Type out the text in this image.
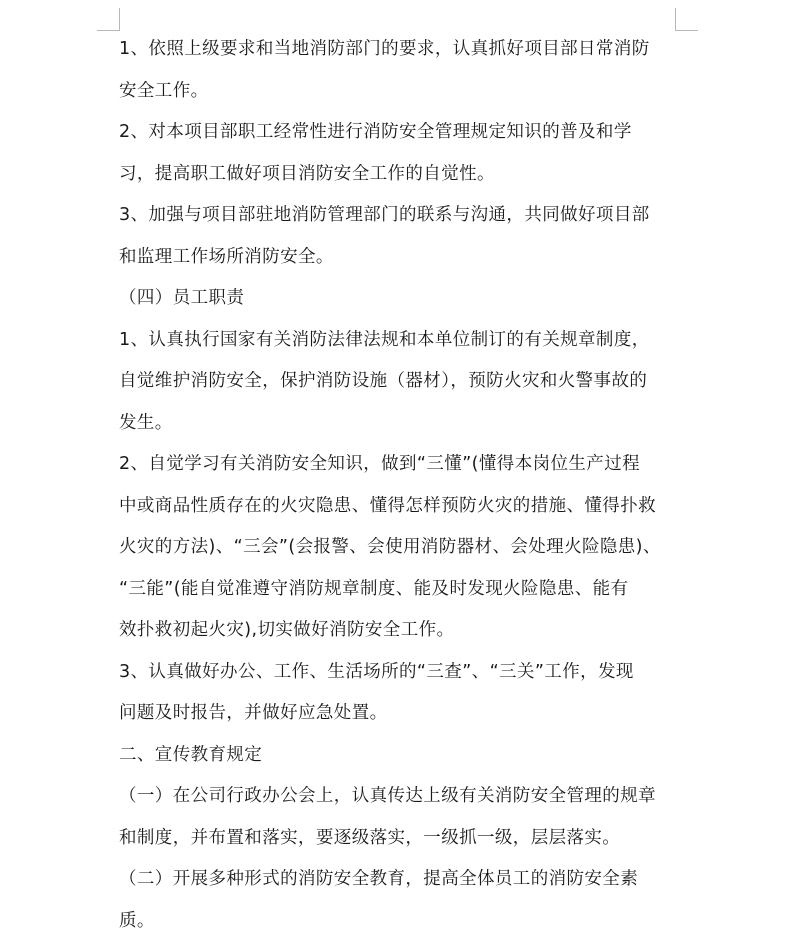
1、依照上级要求和当地消防部门的要求，认真抓好项目部日常消防
安全工作。
2、对本项目部职工经常性进行消防安全管理规定知识的普及和学
习，提高职工做好项目消防安全工作的自觉性。
3、加强与项目部驻地消防管理部门的联系与沟通，共同做好项目部
和监理工作场所消防安全。
（四）员工职责
1、认真执行国家有关消防法律法规和本单位制订的有关规章制度，
自觉维护消防安全，保护消防设施（器材），预防火灾和火警事故的
发生。
2、自觉学习有关消防安全知识，做到“三懂”(懂得本岗位生产过程
中或商品性质存在的火灾隐患、懂得怎样预防火灾的措施、懂得扑救
火灾的方法)、“三会”(会报警、会使用消防器材、会处理火险隐患)、
“三能”(能自觉准遵守消防规章制度、能及时发现火险隐患、能有
效扑救初起火灾),切实做好消防安全工作。
3、认真做好办公、工作、生活场所的“三查”、“三关”工作，发现
问题及时报告，并做好应急处置。
二、宣传教育规定
（一）在公司行政办公会上，认真传达上级有关消防安全管理的规章
和制度，并布置和落实，要逐级落实，一级抓一级，层层落实。
（二）开展多种形式的消防安全教育，提高全体员工的消防安全素
质。
